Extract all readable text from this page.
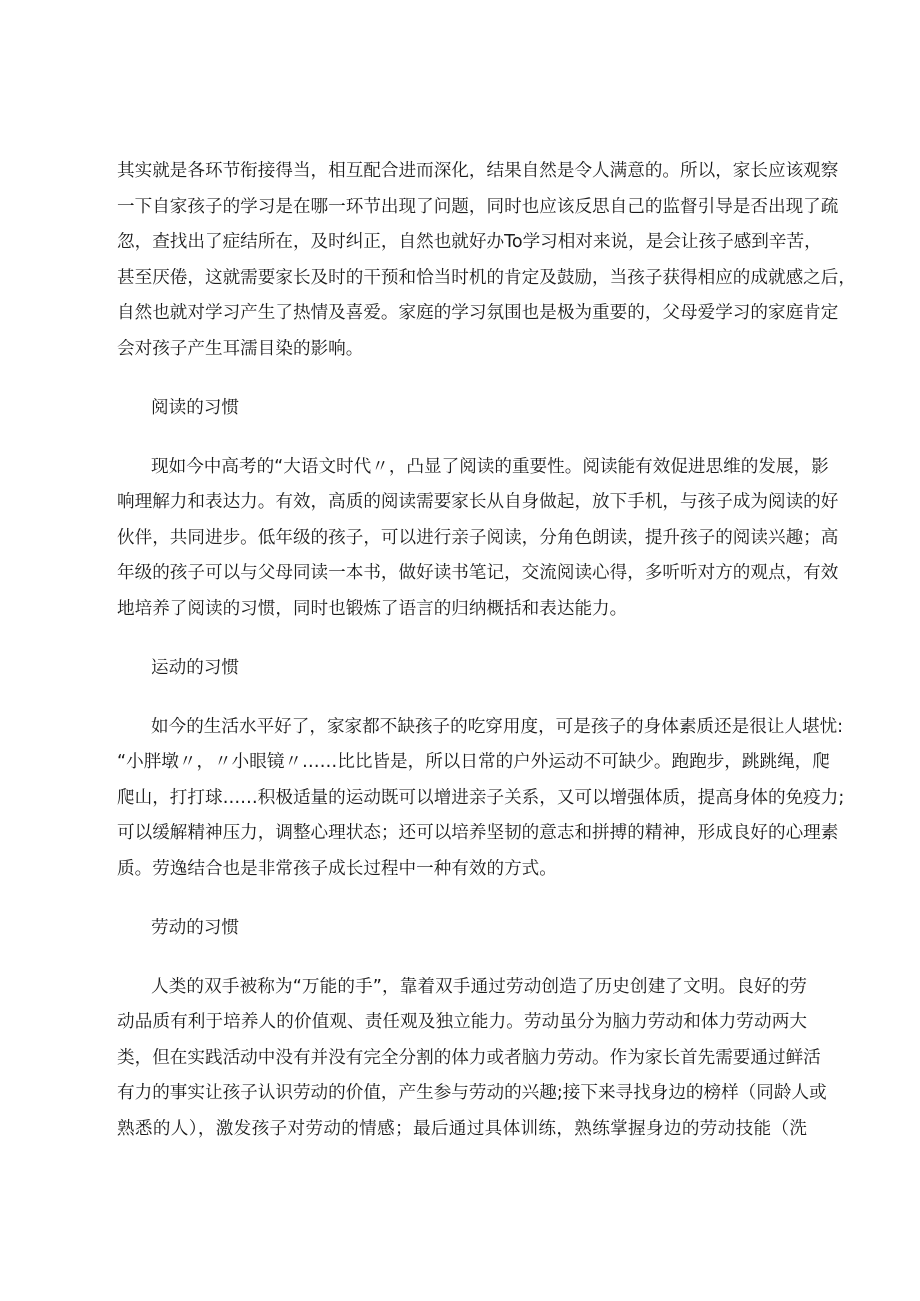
其实就是各环节衔接得当，相互配合进而深化，结果自然是令人满意的。所以，家长应该观察
一下自家孩子的学习是在哪一环节出现了问题，同时也应该反思自己的监督引导是否出现了疏
忽，查找出了症结所在，及时纠正，自然也就好办To学习相对来说，是会让孩子感到辛苦，
甚至厌倦，这就需要家长及时的干预和恰当时机的肯定及鼓励，当孩子获得相应的成就感之后，
自然也就对学习产生了热情及喜爱。家庭的学习氛围也是极为重要的，父母爱学习的家庭肯定
会对孩子产生耳濡目染的影响。
阅读的习惯
现如今中高考的“大语文时代〃，凸显了阅读的重要性。阅读能有效促进思维的发展，影
响理解力和表达力。有效，高质的阅读需要家长从自身做起，放下手机，与孩子成为阅读的好
伙伴，共同进步。低年级的孩子，可以进行亲子阅读，分角色朗读，提升孩子的阅读兴趣；高
年级的孩子可以与父母同读一本书，做好读书笔记，交流阅读心得，多听听对方的观点，有效
地培养了阅读的习惯，同时也锻炼了语言的归纳概括和表达能力。
运动的习惯
如今的生活水平好了，家家都不缺孩子的吃穿用度，可是孩子的身体素质还是很让人堪忧:
“小胖墩〃，〃小眼镜〃……比比皆是，所以日常的户外运动不可缺少。跑跑步，跳跳绳，爬
爬山，打打球……积极适量的运动既可以增进亲子关系，又可以增强体质，提高身体的免疫力;
可以缓解精神压力，调整心理状态；还可以培养坚韧的意志和拼搏的精神，形成良好的心理素
质。劳逸结合也是非常孩子成长过程中一种有效的方式。
劳动的习惯
人类的双手被称为“万能的手”，靠着双手通过劳动创造了历史创建了文明。良好的劳
动品质有利于培养人的价值观、责任观及独立能力。劳动虽分为脑力劳动和体力劳动两大
类，但在实践活动中没有并没有完全分割的体力或者脑力劳动。作为家长首先需要通过鲜活
有力的事实让孩子认识劳动的价值，产生参与劳动的兴趣;接下来寻找身边的榜样（同龄人或
熟悉的人），激发孩子对劳动的情感；最后通过具体训练，熟练掌握身边的劳动技能（洗
